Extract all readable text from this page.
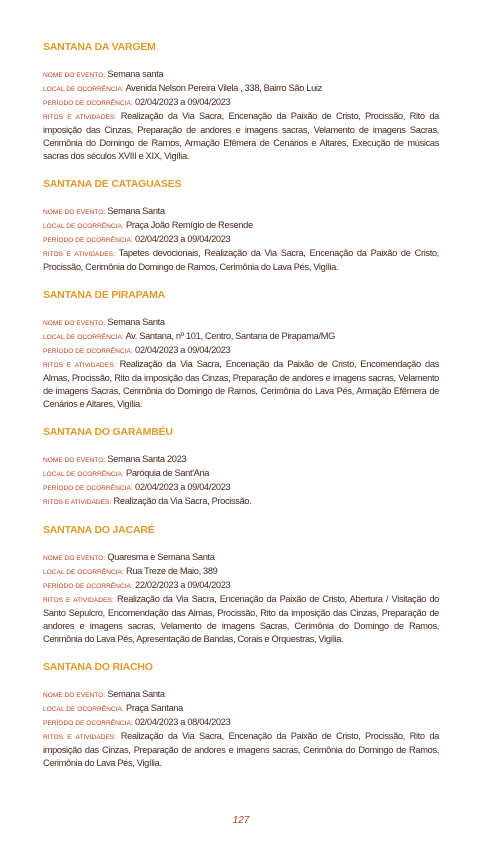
SANTANA DA VARGEM

NOME DO EVENTO: Semana santa

LOCAL DE OCORRÊNCIA: Avenida Nelson Pereira Vilela , 338, Bairro São Luiz

PERÍODO DE OCORRÊNCIA: 02/04/2023 a 09/04/2023

RITOS E ATIVIDADES: Realização da Via Sacra, Encenação da Paixão de Cristo, Procissão, Rito da imposição das Cinzas, Preparação de andores e imagens sacras, Velamento de imagens Sacras, Cerimônia do Domingo de Ramos, Armação Efêmera de Cenários e Altares, Execução de músicas sacras dos séculos XVIII e XIX, Vigília.

SANTANA DE CATAGUASES

NOME DO EVENTO: Semana Santa

LOCAL DE OCORRÊNCIA: Praça João Remígio de Resende

PERÍODO DE OCORRÊNCIA: 02/04/2023 a 09/04/2023

RITOS E ATIVIDADES: Tapetes devocionais, Realização da Via Sacra, Encenação da Paixão de Cristo, Procissão, Cerimônia do Domingo de Ramos, Cerimônia do Lava Pés, Vigília.

SANTANA DE PIRAPAMA

NOME DO EVENTO: Semana Santa

LOCAL DE OCORRÊNCIA: Av. Santana, nº 101, Centro, Santana de Pirapama/MG

PERÍODO DE OCORRÊNCIA: 02/04/2023 a 09/04/2023

RITOS E ATIVIDADES: Realização da Via Sacra, Encenação da Paixão de Cristo, Encomendação das Almas, Procissão, Rito da imposição das Cinzas, Preparação de andores e imagens sacras, Velamento de imagens Sacras, Cerimônia do Domingo de Ramos, Cerimônia do Lava Pés, Armação Efêmera de Cenários e Altares, Vigília.

SANTANA DO GARAMBÉU

NOME DO EVENTO: Semana Santa 2023

LOCAL DE OCORRÊNCIA: Paróquia de Sant'Ana

PERÍODO DE OCORRÊNCIA: 02/04/2023 a 09/04/2023

RITOS E ATIVIDADES: Realização da Via Sacra, Procissão.

SANTANA DO JACARÉ

NOME DO EVENTO: Quaresma e Semana Santa

LOCAL DE OCORRÊNCIA: Rua Treze de Maio, 389

PERÍODO DE OCORRÊNCIA: 22/02/2023 a 09/04/2023

RITOS E ATIVIDADES: Realização da Via Sacra, Encenação da Paixão de Cristo, Abertura / Visitação do Santo Sepulcro, Encomendação das Almas, Procissão, Rito da imposição das Cinzas, Preparação de andores e imagens sacras, Velamento de imagens Sacras, Cerimônia do Domingo de Ramos, Cerimônia do Lava Pés, Apresentação de Bandas, Corais e Orquestras, Vigília.

SANTANA DO RIACHO

NOME DO EVENTO: Semana Santa

LOCAL DE OCORRÊNCIA: Praça Santana

PERÍODO DE OCORRÊNCIA: 02/04/2023 a 08/04/2023

RITOS E ATIVIDADES: Realização da Via Sacra, Encenação da Paixão de Cristo, Procissão, Rito da imposição das Cinzas, Preparação de andores e imagens sacras, Cerimônia do Domingo de Ramos, Cerimônia do Lava Pés, Vigília.

127
